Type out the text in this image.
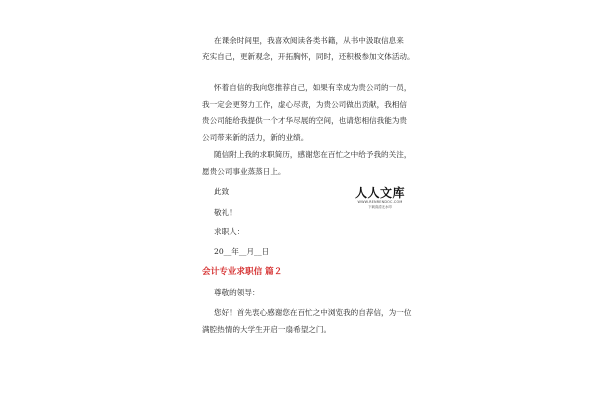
在课余时间里，我喜欢阅读各类书籍，从书中汲取信息来
充实自己，更新观念，开拓胸怀，同时，还积极参加文体活动。
怀着自信的我向您推荐自己，如果有幸成为贵公司的一员，
我一定会更努力工作，虚心尽责，为贵公司做出贡献，我相信
贵公司能给我提供一个才华尽展的空间，也请您相信我能为贵
公司带来新的活力，新的业绩。
随信附上我的求职简历，感谢您在百忙之中给予我的关注，
愿贵公司事业蒸蒸日上。
此致
敬礼！
求职人：
20__年__月__日
会计专业求职信 篇２
尊敬的领导：
您好！首先衷心感谢您在百忙之中浏览我的自荐信，为一位
满腔热情的大学生开启一扇希望之门。
人人文库
WWW.RENRENDOC.COM
下载高清无水印
